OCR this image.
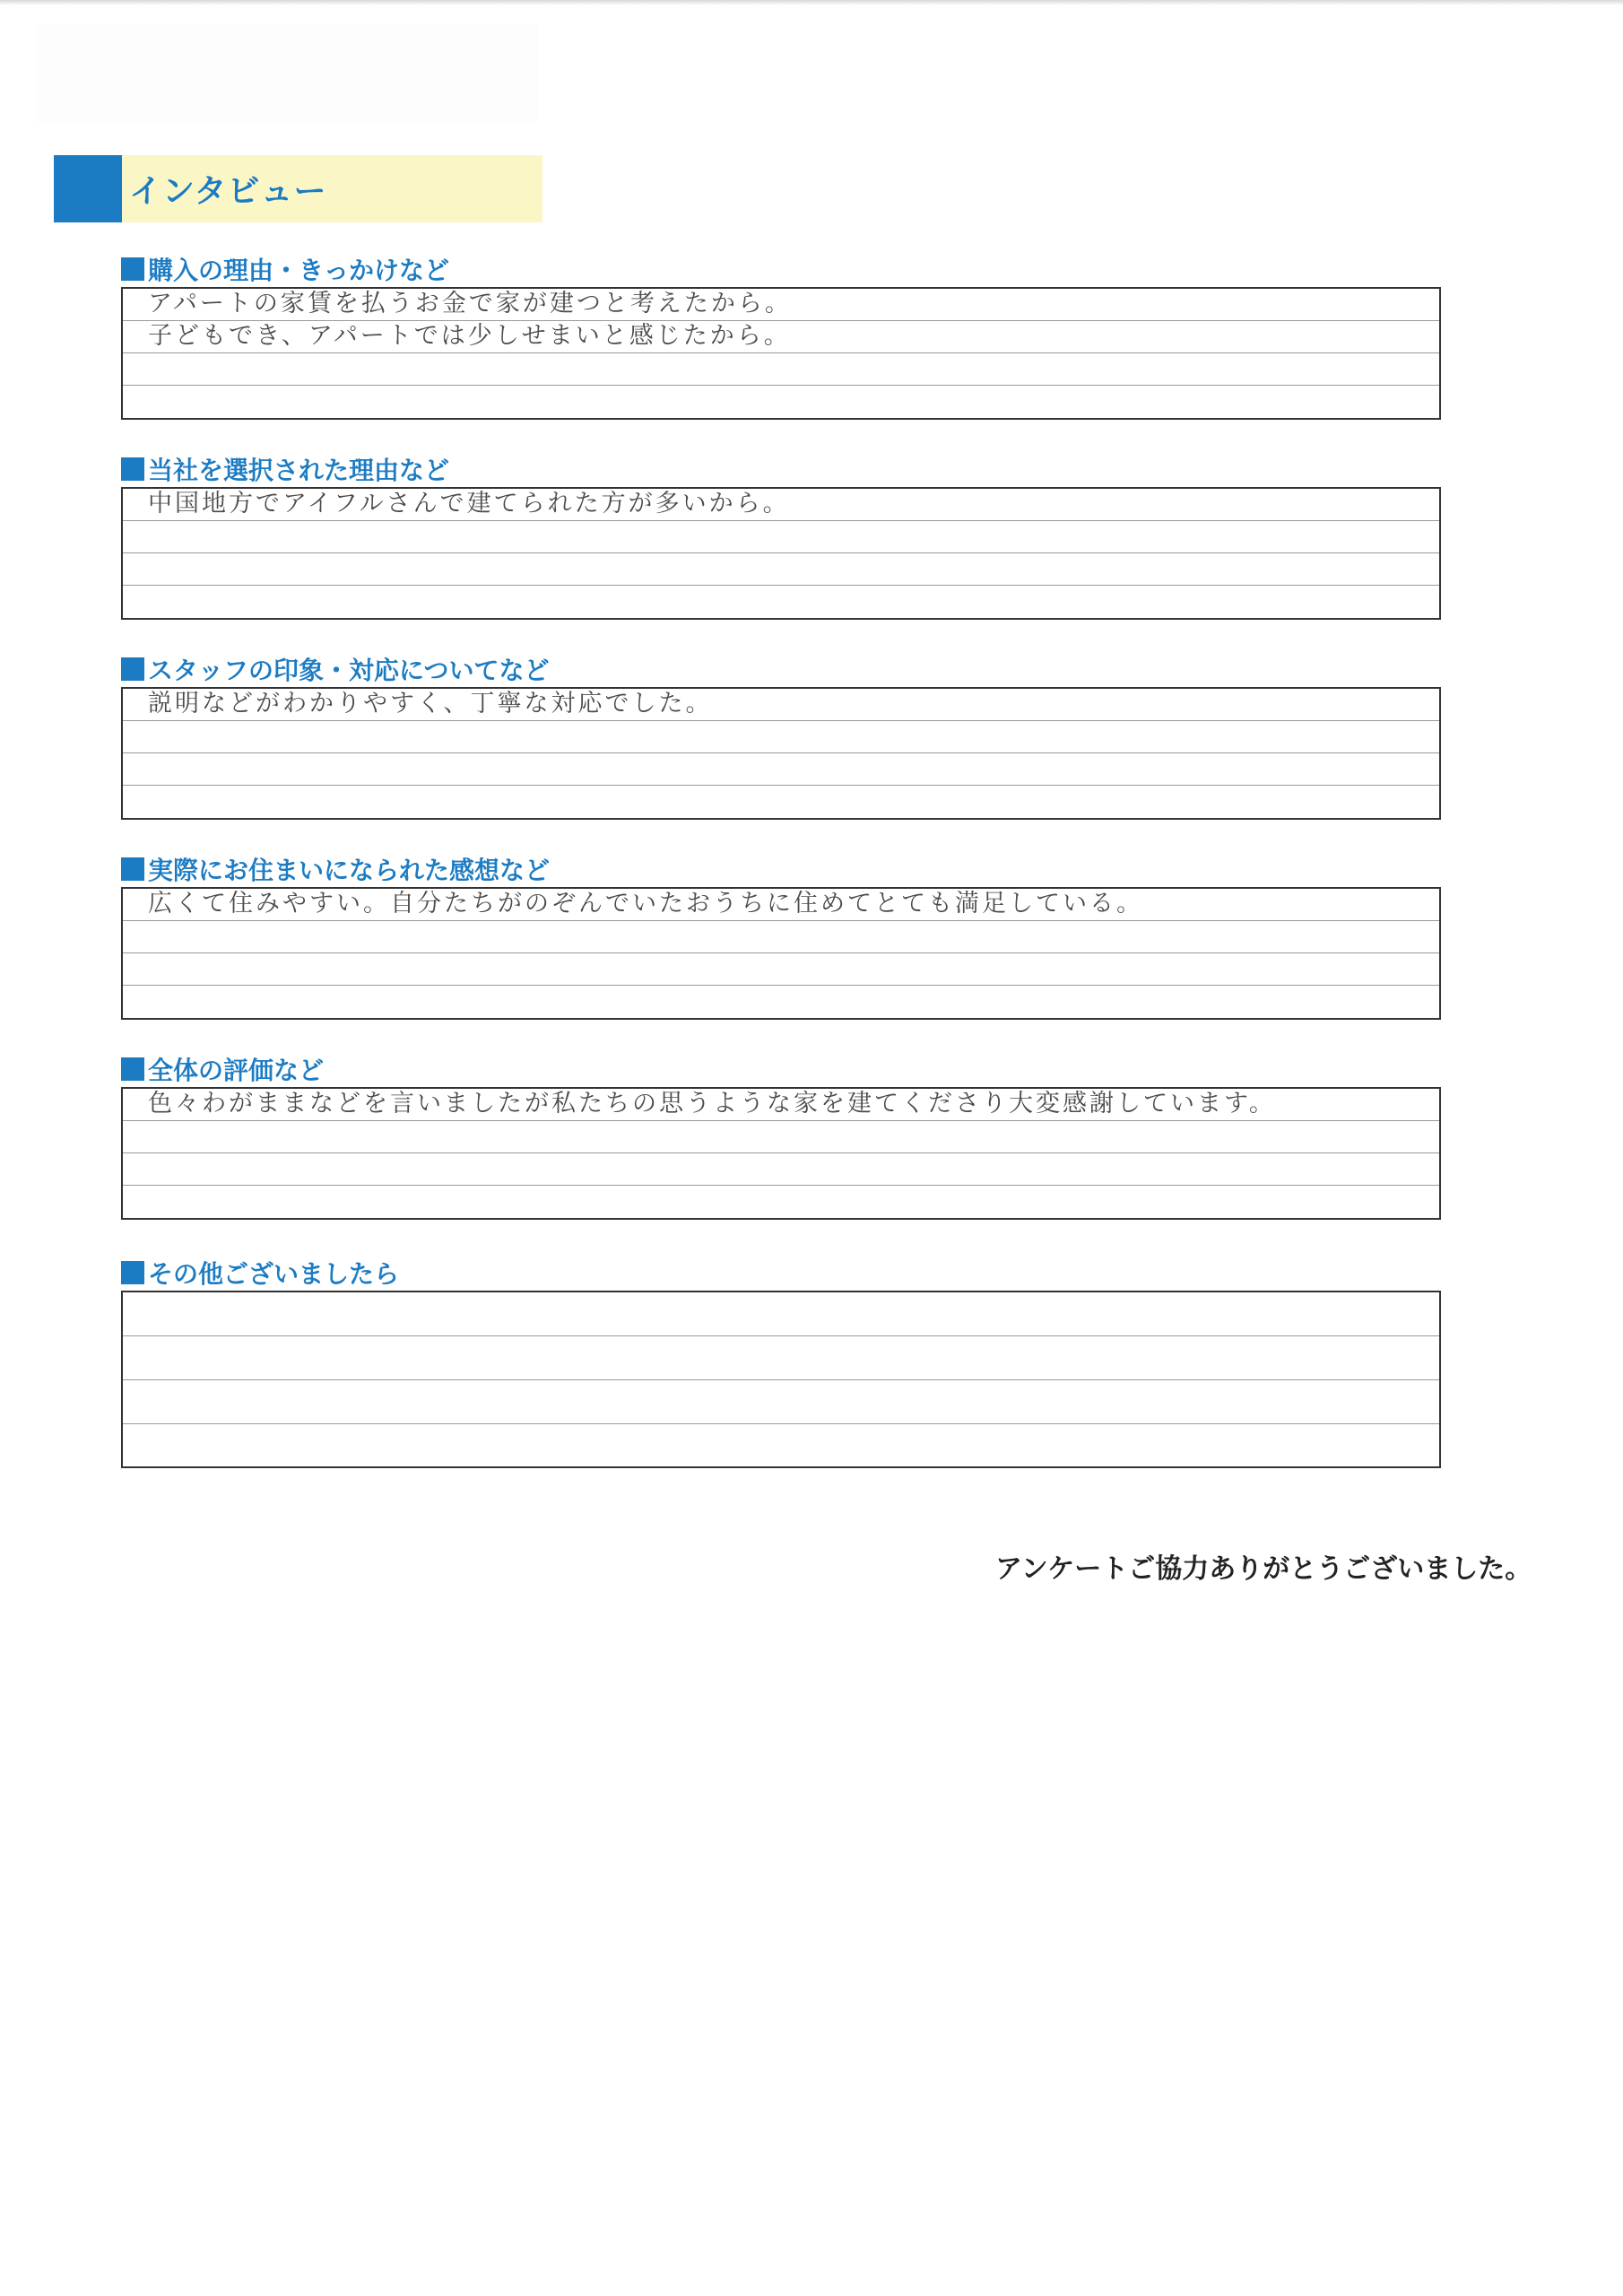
インタビュー
購入の理由・きっかけなど
アパートの家賃を払うお金で家が建つと考えたから。
子どもでき、アパートでは少しせまいと感じたから。
当社を選択された理由など
中国地方でアイフルさんで建てられた方が多いから。
スタッフの印象・対応についてなど
説明などがわかりやすく、丁寧な対応でした。
実際にお住まいになられた感想など
広くて住みやすい。自分たちがのぞんでいたおうちに住めてとても満足している。
全体の評価など
色々わがままなどを言いましたが私たちの思うような家を建てくださり大変感謝しています。
その他ございましたら
アンケートご協力ありがとうございました。
